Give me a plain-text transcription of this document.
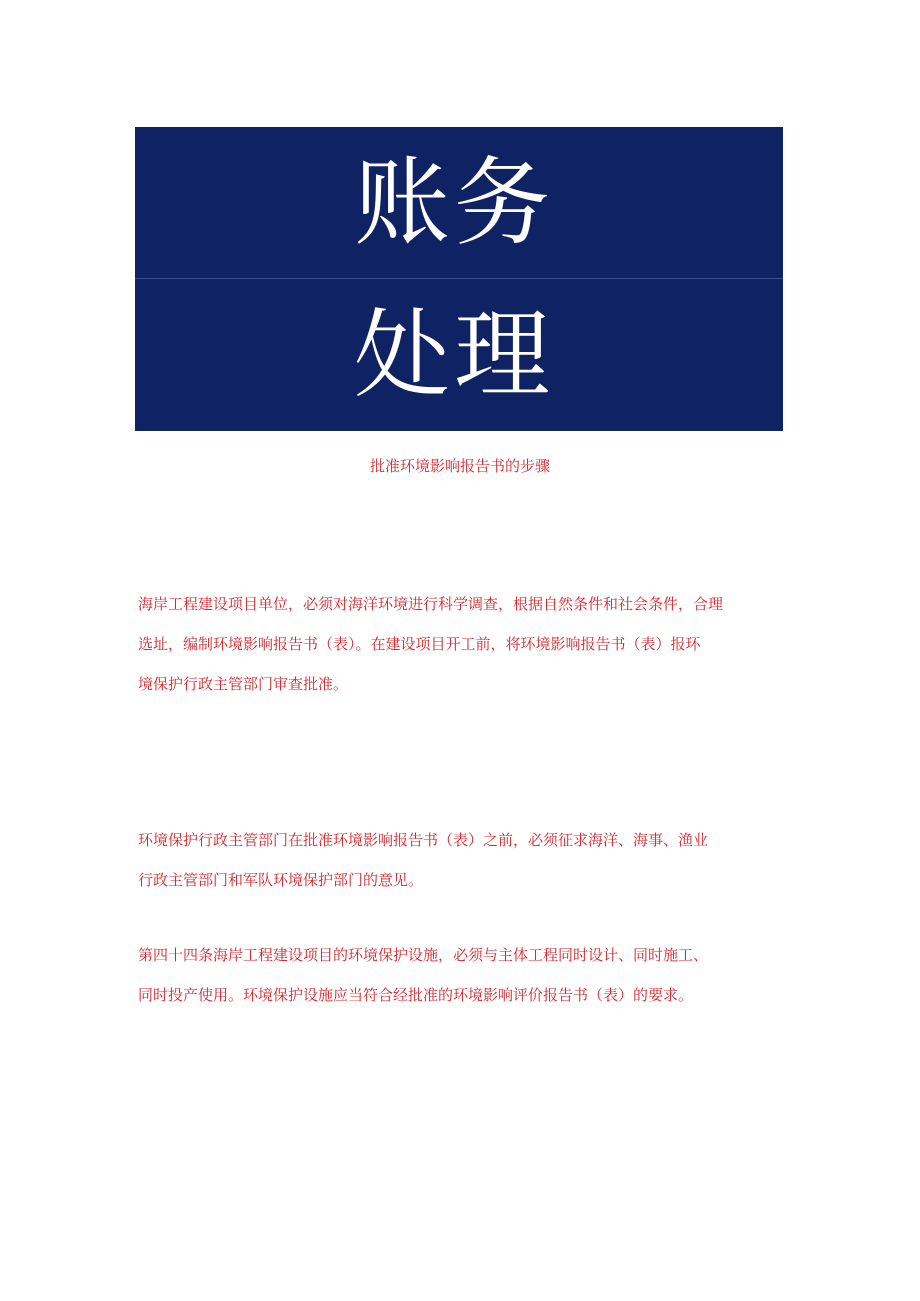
账务
处理
批准环境影响报告书的步骤

海岸工程建设项目单位，必须对海洋环境进行科学调查，根据自然条件和社会条件，合理
选址，编制环境影响报告书（表）。在建设项目开工前，将环境影响报告书（表）报环
境保护行政主管部门审查批准。

环境保护行政主管部门在批准环境影响报告书（表）之前，必须征求海洋、海事、渔业
行政主管部门和军队环境保护部门的意见。

第四十四条海岸工程建设项目的环境保护设施，必须与主体工程同时设计、同时施工、
同时投产使用。环境保护设施应当符合经批准的环境影响评价报告书（表）的要求。
